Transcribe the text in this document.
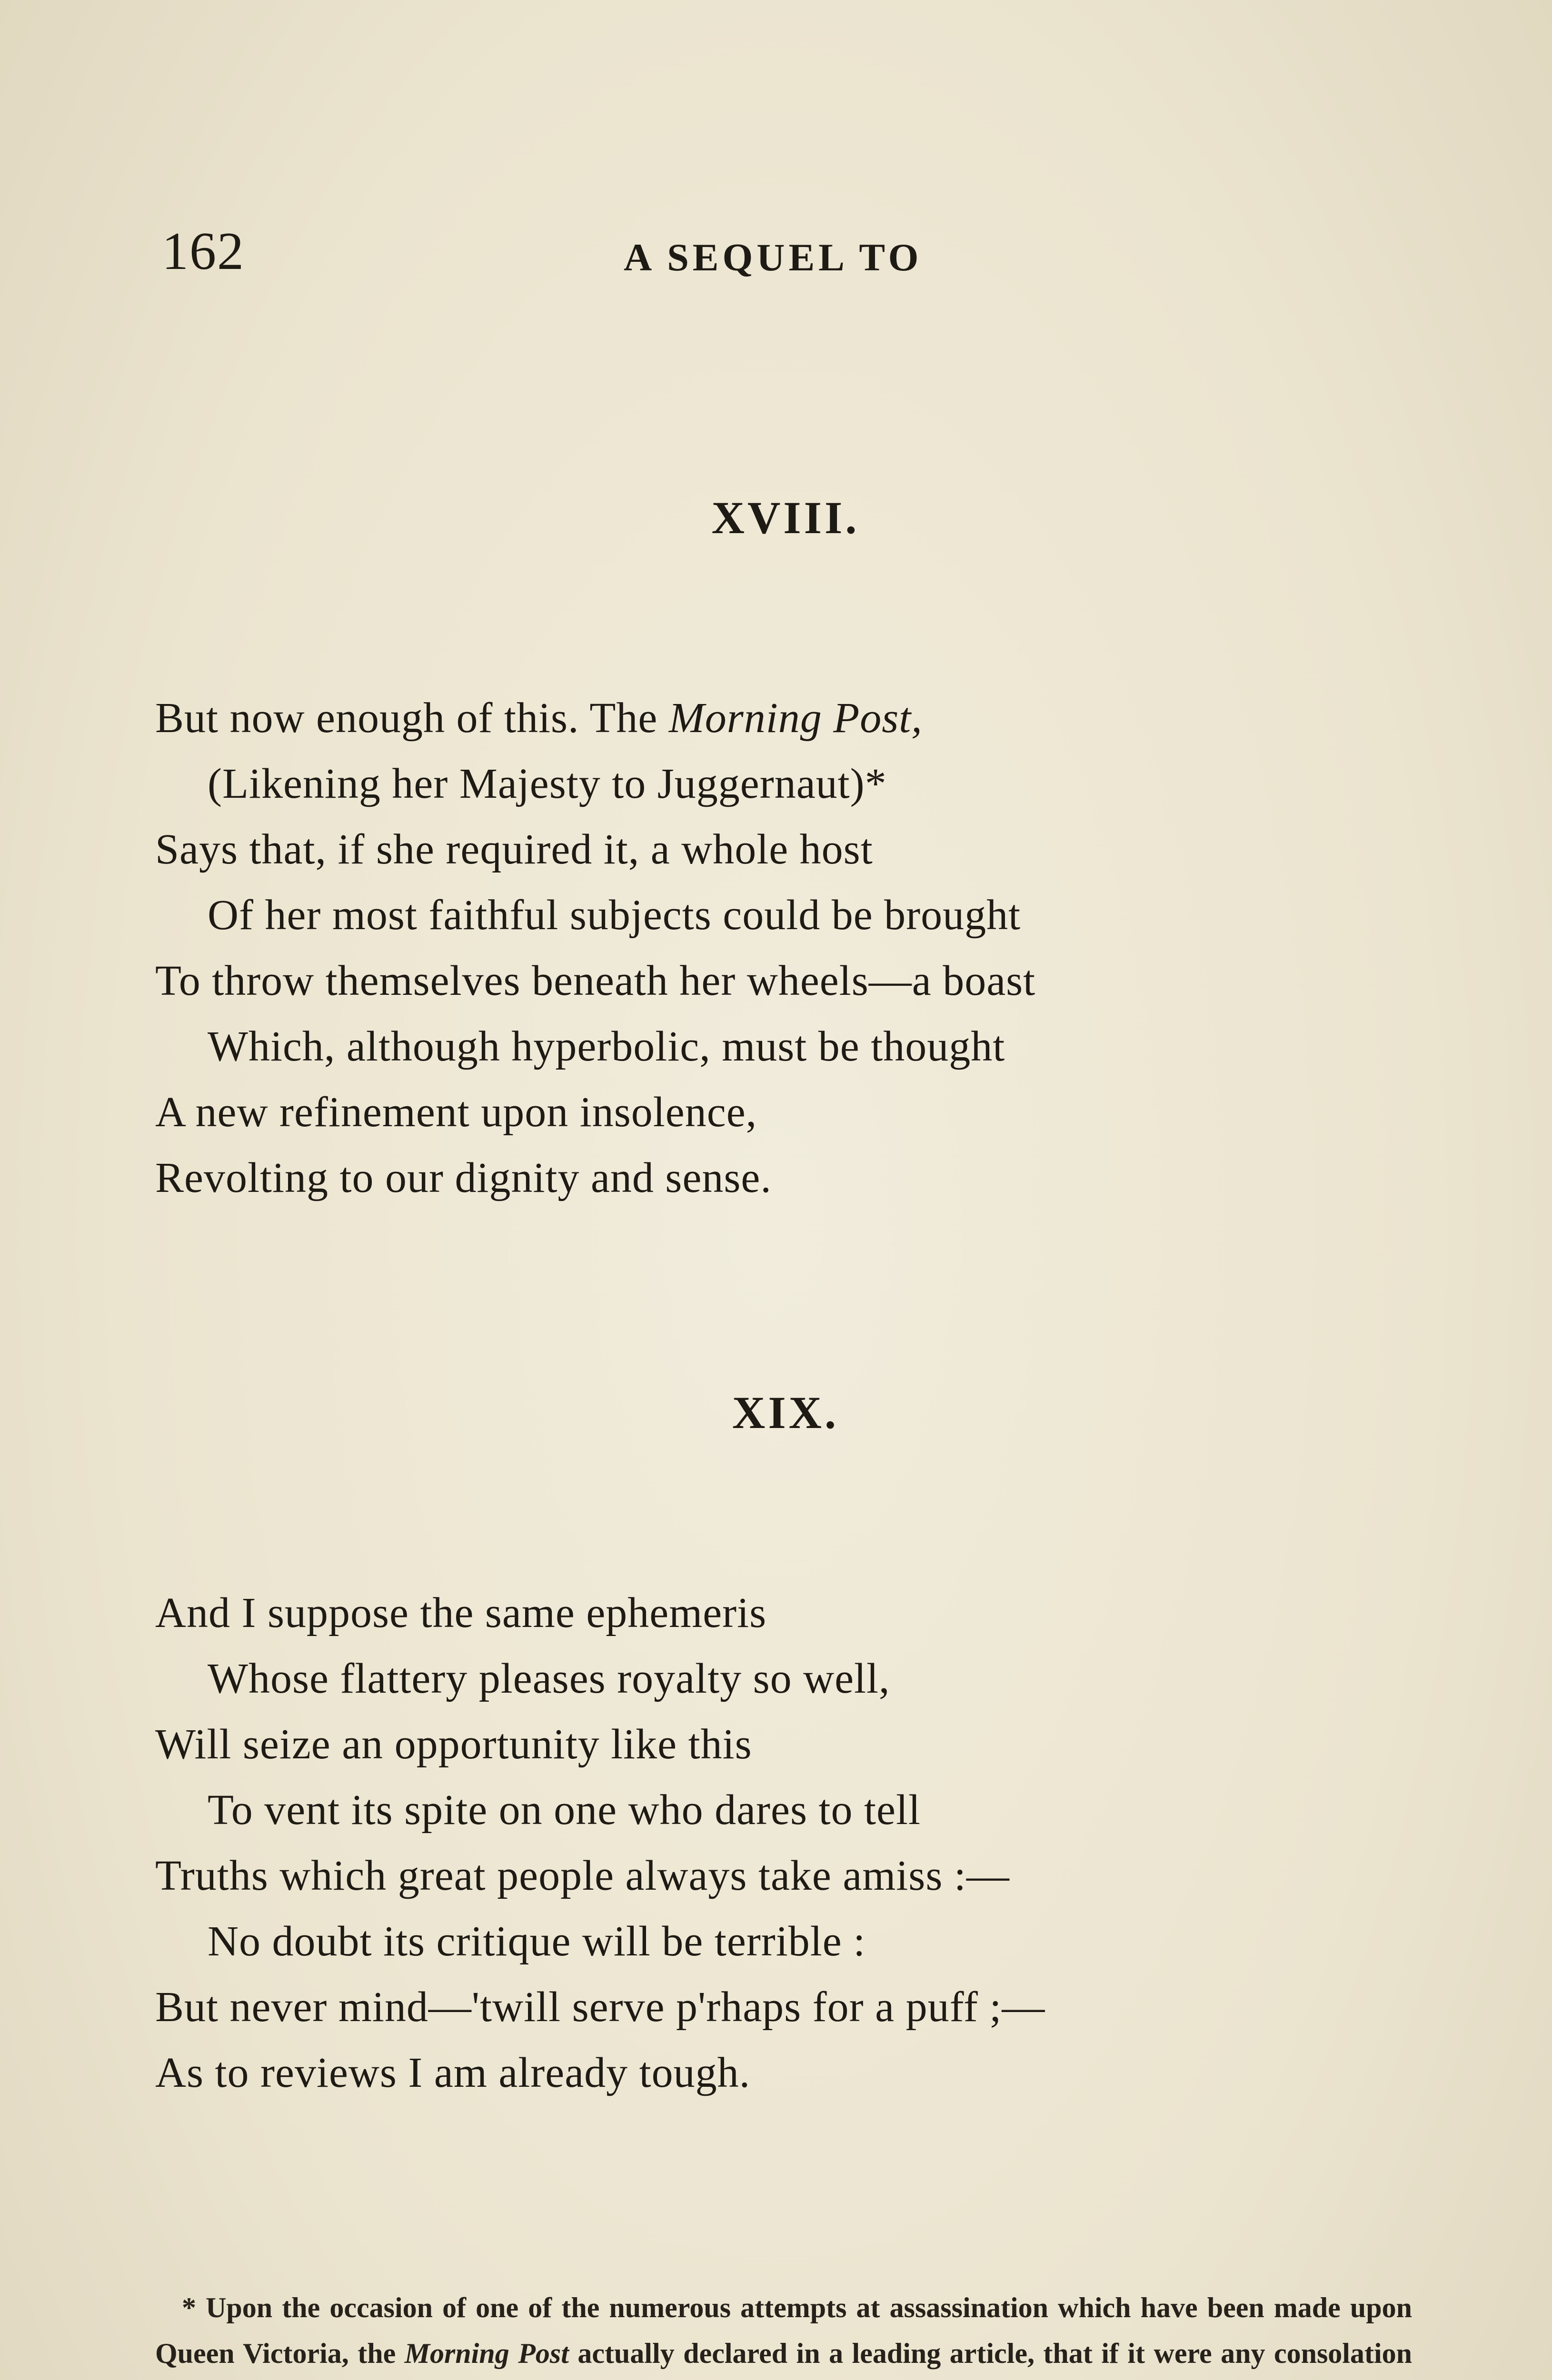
162	A SEQUEL TO
XVIII.
But now enough of this. The Morning Post,
(Likening her Majesty to Juggernaut)*
Says that, if she required it, a whole host
Of her most faithful subjects could be brought
To throw themselves beneath her wheels—a boast
Which, although hyperbolic, must be thought
A new refinement upon insolence,
Revolting to our dignity and sense.
XIX.
And I suppose the same ephemeris
Whose flattery pleases royalty so well,
Will seize an opportunity like this
To vent its spite on one who dares to tell
Truths which great people always take amiss :—
No doubt its critique will be terrible :
But never mind—'twill serve p'rhaps for a puff ;—
As to reviews I am already tough.

* Upon the occasion of one of the numerous attempts at assassination which have been made upon Queen Victoria, the Morning Post actually declared in a leading article, that if it were any consolation
